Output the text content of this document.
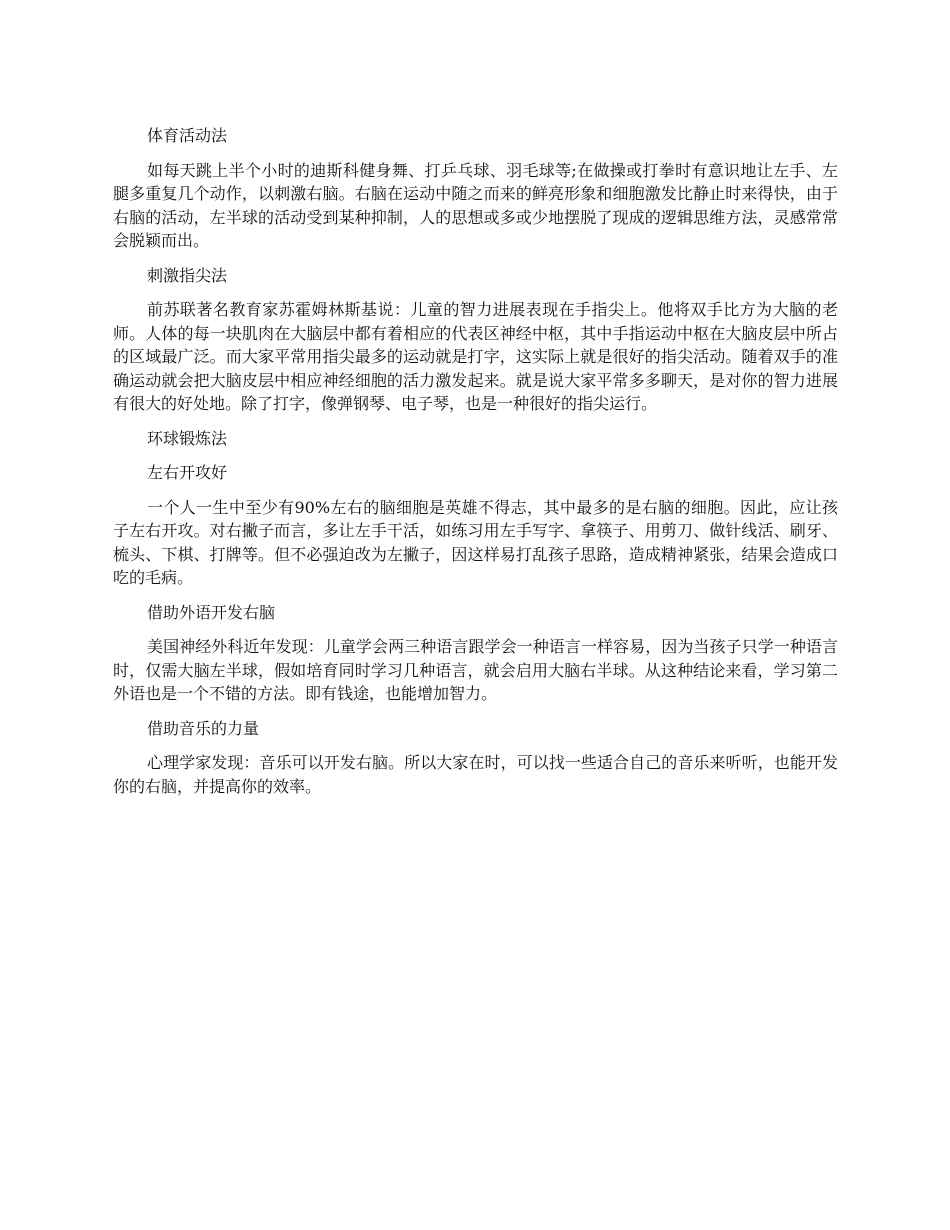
体育活动法

如每天跳上半个小时的迪斯科健身舞、打乒乓球、羽毛球等;在做操或打拳时有意识地让左手、左腿多重复几个动作，以刺激右脑。右脑在运动中随之而来的鲜亮形象和细胞激发比静止时来得快，由于右脑的活动，左半球的活动受到某种抑制，人的思想或多或少地摆脱了现成的逻辑思维方法，灵感常常会脱颖而出。

刺激指尖法

前苏联著名教育家苏霍姆林斯基说：儿童的智力进展表现在手指尖上。他将双手比方为大脑的老师。人体的每一块肌肉在大脑层中都有着相应的代表区神经中枢，其中手指运动中枢在大脑皮层中所占的区域最广泛。而大家平常用指尖最多的运动就是打字，这实际上就是很好的指尖活动。随着双手的准确运动就会把大脑皮层中相应神经细胞的活力激发起来。就是说大家平常多多聊天，是对你的智力进展有很大的好处地。除了打字，像弹钢琴、电子琴，也是一种很好的指尖运行。

环球锻炼法

左右开攻好

一个人一生中至少有90%左右的脑细胞是英雄不得志，其中最多的是右脑的细胞。因此，应让孩子左右开攻。对右撇子而言，多让左手干活，如练习用左手写字、拿筷子、用剪刀、做针线活、刷牙、梳头、下棋、打牌等。但不必强迫改为左撇子，因这样易打乱孩子思路，造成精神紧张，结果会造成口吃的毛病。

借助外语开发右脑

美国神经外科近年发现：儿童学会两三种语言跟学会一种语言一样容易，因为当孩子只学一种语言时，仅需大脑左半球，假如培育同时学习几种语言，就会启用大脑右半球。从这种结论来看，学习第二外语也是一个不错的方法。即有钱途，也能增加智力。

借助音乐的力量

心理学家发现：音乐可以开发右脑。所以大家在时，可以找一些适合自己的音乐来听听，也能开发你的右脑，并提高你的效率。
